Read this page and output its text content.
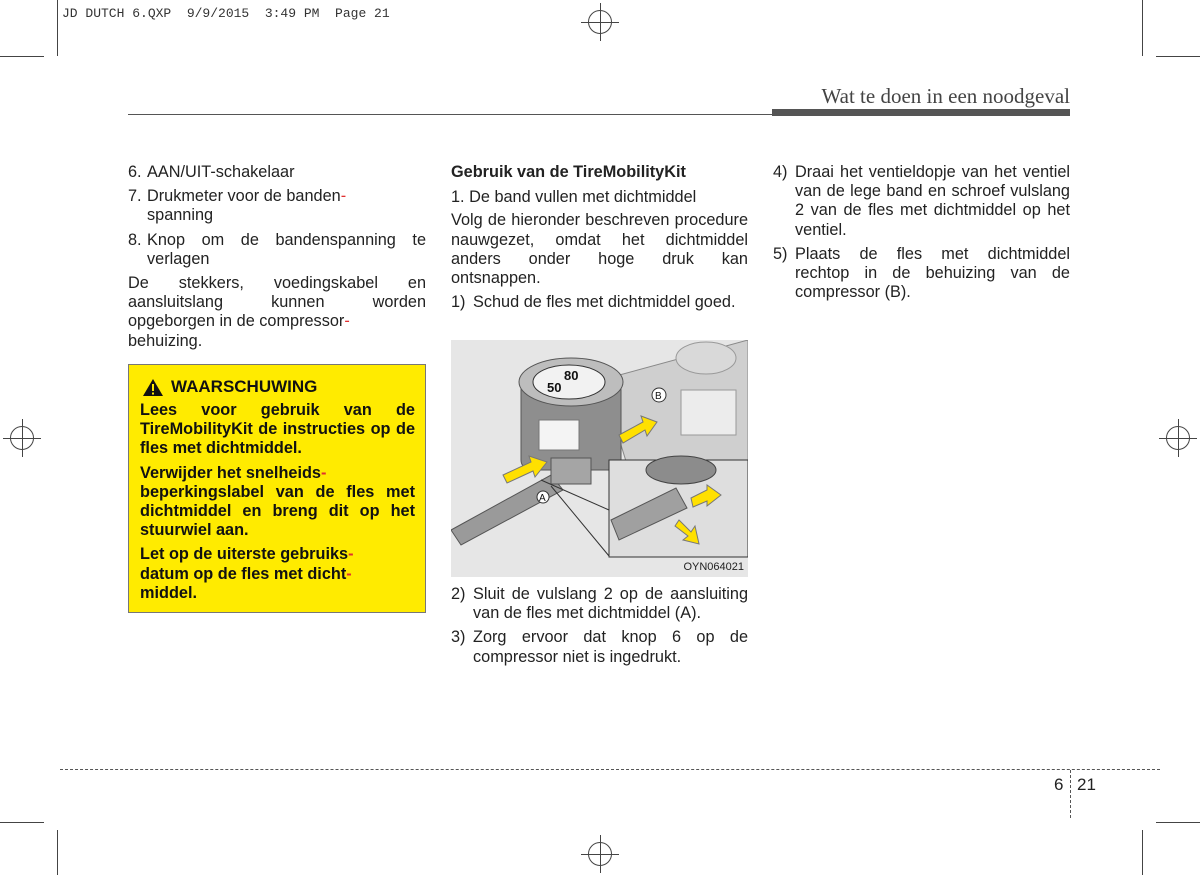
JD DUTCH 6.QXP  9/9/2015  3:49 PM  Page 21
Wat te doen in een noodgeval
6. AAN/UIT-schakelaar
7. Drukmeter voor de banden-
spanning
8. Knop om de bandenspanning te verlagen

De stekkers, voedingskabel en aansluitslang kunnen worden opgeborgen in de compressor-
behuizing.

WAARSCHUWING

Lees voor gebruik van de TireMobilityKit de instructies op de fles met dichtmiddel.

Verwijder het snelheids-
beperkingslabel van de fles met dichtmiddel en breng dit op het stuurwiel aan.

Let op de uiterste gebruiks-
datum op de fles met dicht-
middel.

Gebruik van de TireMobilityKit

1. De band vullen met dichtmiddel

Volg de hieronder beschreven procedure nauwgezet, omdat het dichtmiddel anders onder hoge druk kan ontsnappen.

1) Schud de fles met dichtmiddel goed.
80
50
A
B
OYN064021
2) Sluit de vulslang 2 op de aansluiting van de fles met dichtmiddel (A).
3) Zorg ervoor dat knop 6 op de compressor niet is ingedrukt.
4) Draai het ventieldopje van het ventiel van de lege band en schroef vulslang 2 van de fles met dichtmiddel op het ventiel.
5) Plaats de fles met dichtmiddel rechtop in de behuizing van de compressor (B).
6 21
